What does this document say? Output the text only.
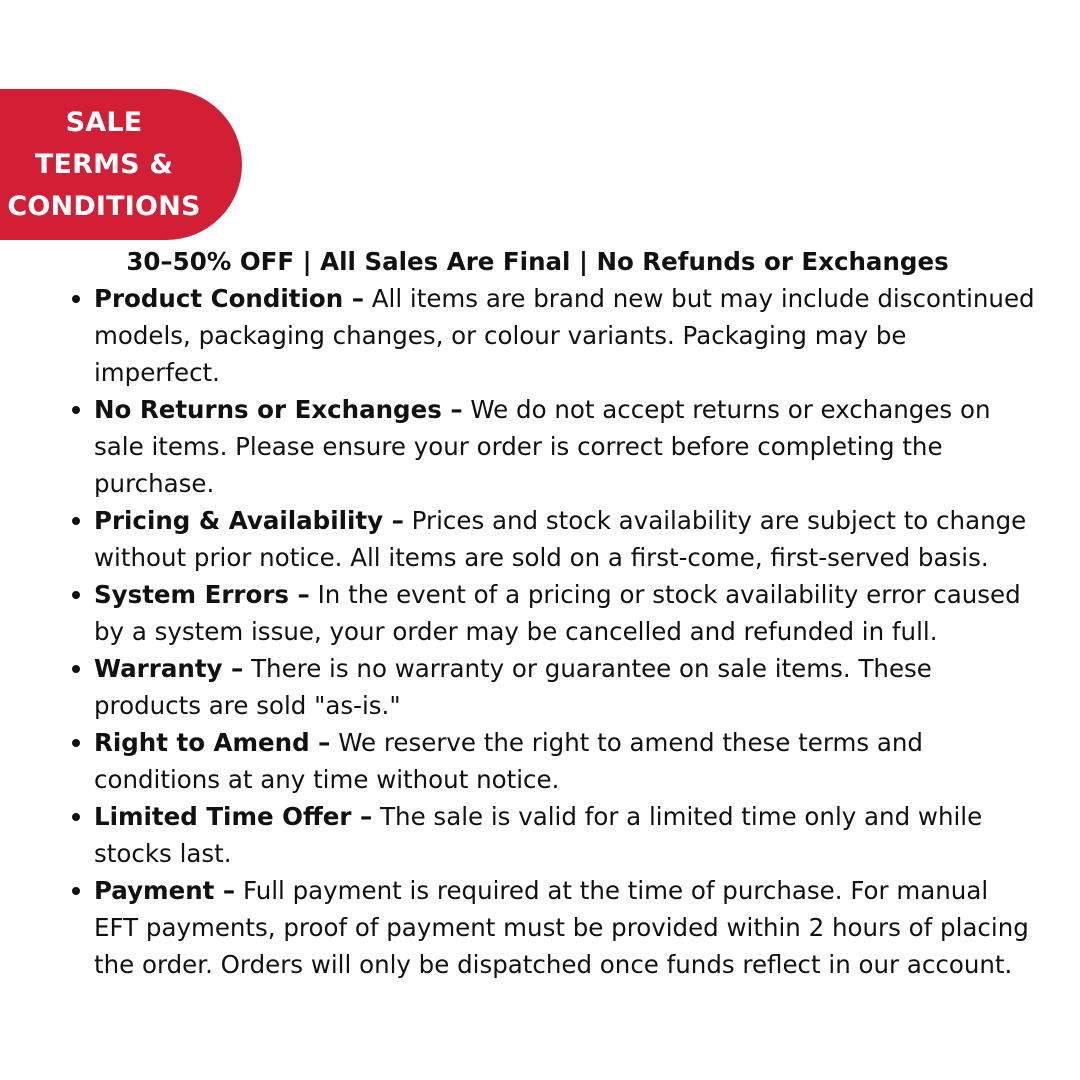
SALE
TERMS &
CONDITIONS

30–50% OFF | All Sales Are Final | No Refunds or Exchanges

Product Condition – All items are brand new but may include discontinued models, packaging changes, or colour variants. Packaging may be imperfect.
No Returns or Exchanges – We do not accept returns or exchanges on sale items. Please ensure your order is correct before completing the purchase.
Pricing & Availability – Prices and stock availability are subject to change without prior notice. All items are sold on a first-come, first-served basis.
System Errors – In the event of a pricing or stock availability error caused by a system issue, your order may be cancelled and refunded in full.
Warranty – There is no warranty or guarantee on sale items. These products are sold "as-is."
Right to Amend – We reserve the right to amend these terms and conditions at any time without notice.
Limited Time Offer – The sale is valid for a limited time only and while stocks last.
Payment – Full payment is required at the time of purchase. For manual EFT payments, proof of payment must be provided within 2 hours of placing the order. Orders will only be dispatched once funds reflect in our account.
